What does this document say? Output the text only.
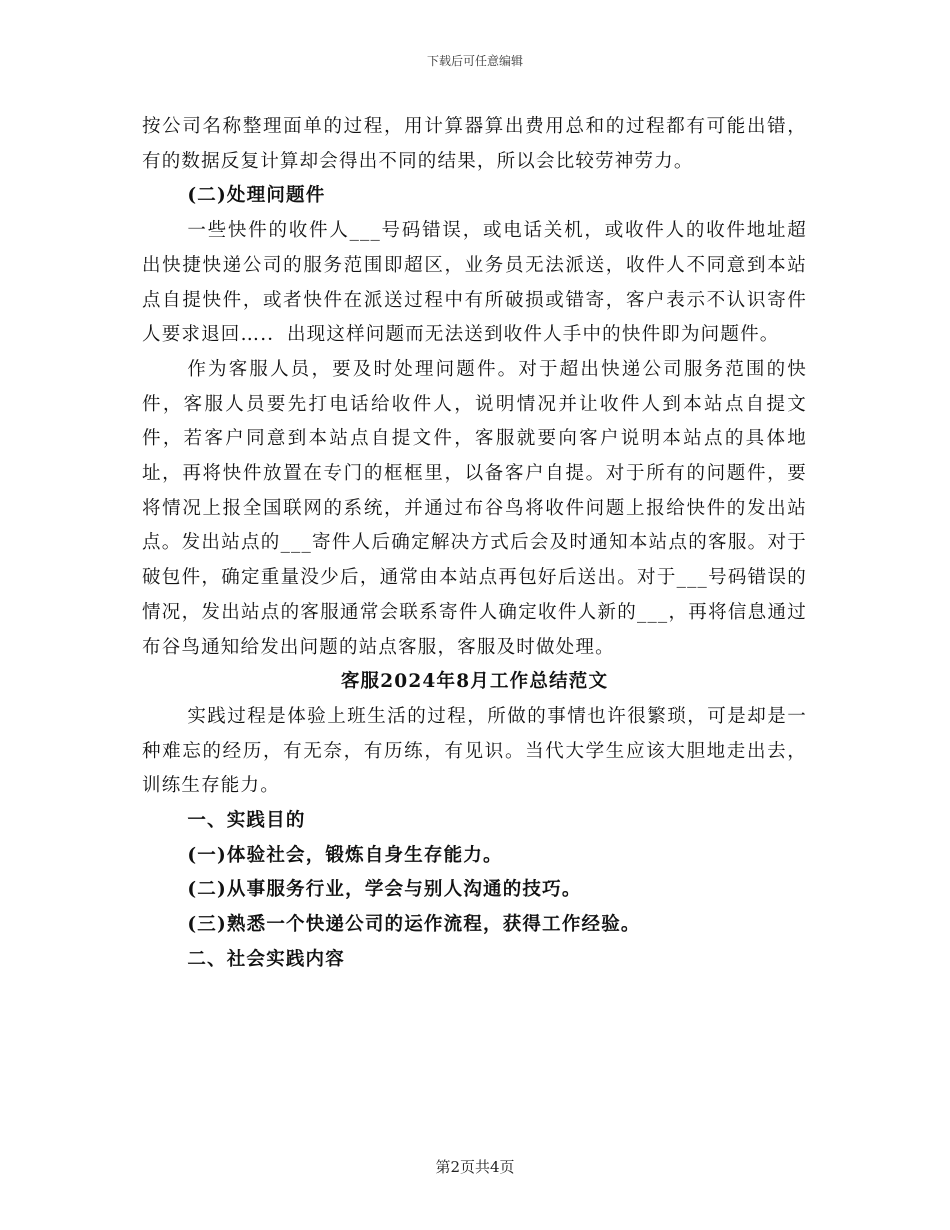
下载后可任意编辑

按公司名称整理面单的过程，用计算器算出费用总和的过程都有可能出错，有的数据反复计算却会得出不同的结果，所以会比较劳神劳力。

(二)处理问题件

一些快件的收件人___号码错误，或电话关机，或收件人的收件地址超出快捷快递公司的服务范围即超区，业务员无法派送，收件人不同意到本站点自提快件，或者快件在派送过程中有所破损或错寄，客户表示不认识寄件人要求退回….．出现这样问题而无法送到收件人手中的快件即为问题件。

作为客服人员，要及时处理问题件。对于超出快递公司服务范围的快件，客服人员要先打电话给收件人，说明情况并让收件人到本站点自提文件，若客户同意到本站点自提文件，客服就要向客户说明本站点的具体地址，再将快件放置在专门的框框里，以备客户自提。对于所有的问题件，要将情况上报全国联网的系统，并通过布谷鸟将收件问题上报给快件的发出站点。发出站点的___寄件人后确定解决方式后会及时通知本站点的客服。对于破包件，确定重量没少后，通常由本站点再包好后送出。对于___号码错误的情况，发出站点的客服通常会联系寄件人确定收件人新的___，再将信息通过布谷鸟通知给发出问题的站点客服，客服及时做处理。

客服2024年8月工作总结范文

实践过程是体验上班生活的过程，所做的事情也许很繁琐，可是却是一种难忘的经历，有无奈，有历练，有见识。当代大学生应该大胆地走出去，训练生存能力。

一、实践目的

(一)体验社会，锻炼自身生存能力。

(二)从事服务行业，学会与别人沟通的技巧。

(三)熟悉一个快递公司的运作流程，获得工作经验。

二、社会实践内容

第2页共4页
